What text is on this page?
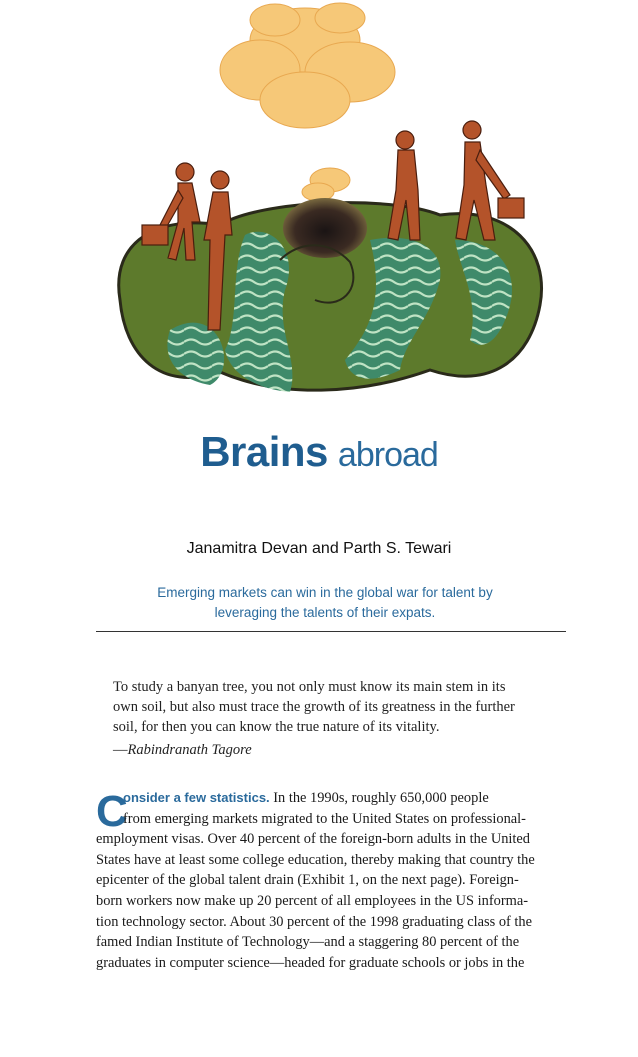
Brains abroad
Janamitra Devan and Parth S. Tewari
Emerging markets can win in the global war for talent by
leveraging the talents of their expats.
To study a banyan tree, you not only must know its main stem in its
own soil, but also must trace the growth of its greatness in the further
soil, for then you can know the true nature of its vitality.
—Rabindranath Tagore
C
onsider a few statistics. In the 1990s, roughly 650,000 people
from emerging markets migrated to the United States on professional-
employment visas. Over 40 percent of the foreign-born adults in the United
States have at least some college education, thereby making that country the
epicenter of the global talent drain (Exhibit 1, on the next page). Foreign-
born workers now make up 20 percent of all employees in the US informa-
tion technology sector. About 30 percent of the 1998 graduating class of the
famed Indian Institute of Technology—and a staggering 80 percent of the
graduates in computer science—headed for graduate schools or jobs in the
